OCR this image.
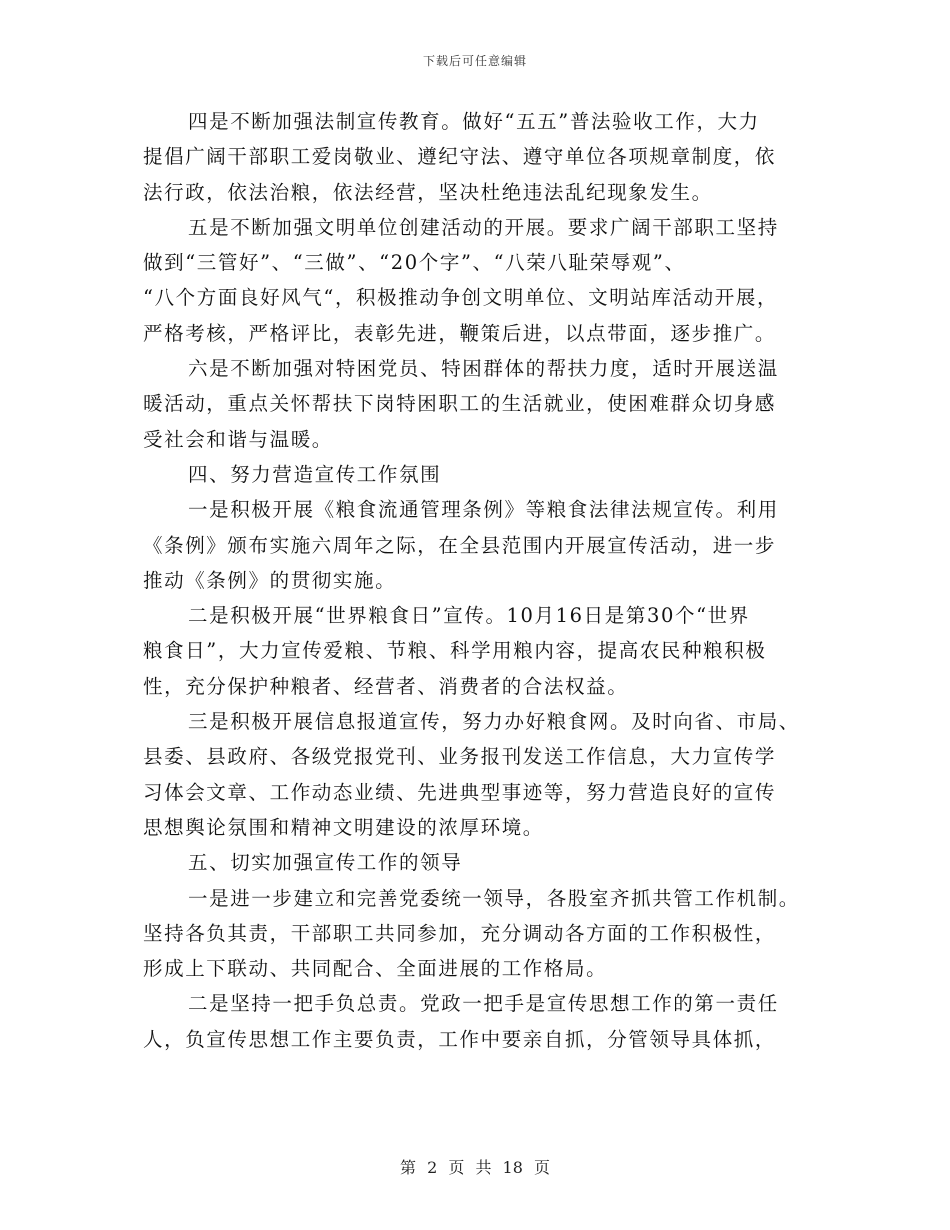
下载后可任意编辑
四是不断加强法制宣传教育。做好“五五”普法验收工作，大力
提倡广阔干部职工爱岗敬业、遵纪守法、遵守单位各项规章制度，依
法行政，依法治粮，依法经营，坚决杜绝违法乱纪现象发生。
五是不断加强文明单位创建活动的开展。要求广阔干部职工坚持
做到“三管好”、“三做”、“20个字”、“八荣八耻荣辱观”、
“八个方面良好风气“，积极推动争创文明单位、文明站库活动开展，
严格考核，严格评比，表彰先进，鞭策后进，以点带面，逐步推广。
六是不断加强对特困党员、特困群体的帮扶力度，适时开展送温
暖活动，重点关怀帮扶下岗特困职工的生活就业，使困难群众切身感
受社会和谐与温暖。
四、努力营造宣传工作氛围
一是积极开展《粮食流通管理条例》等粮食法律法规宣传。利用
《条例》颁布实施六周年之际，在全县范围内开展宣传活动，进一步
推动《条例》的贯彻实施。
二是积极开展“世界粮食日”宣传。10月16日是第30个“世界
粮食日”，大力宣传爱粮、节粮、科学用粮内容，提高农民种粮积极
性，充分保护种粮者、经营者、消费者的合法权益。
三是积极开展信息报道宣传，努力办好粮食网。及时向省、市局、
县委、县政府、各级党报党刊、业务报刊发送工作信息，大力宣传学
习体会文章、工作动态业绩、先进典型事迹等，努力营造良好的宣传
思想舆论氛围和精神文明建设的浓厚环境。
五、切实加强宣传工作的领导
一是进一步建立和完善党委统一领导，各股室齐抓共管工作机制。
坚持各负其责，干部职工共同参加，充分调动各方面的工作积极性，
形成上下联动、共同配合、全面进展的工作格局。
二是坚持一把手负总责。党政一把手是宣传思想工作的第一责任
人，负宣传思想工作主要负责，工作中要亲自抓，分管领导具体抓，
第 2 页 共 18 页
